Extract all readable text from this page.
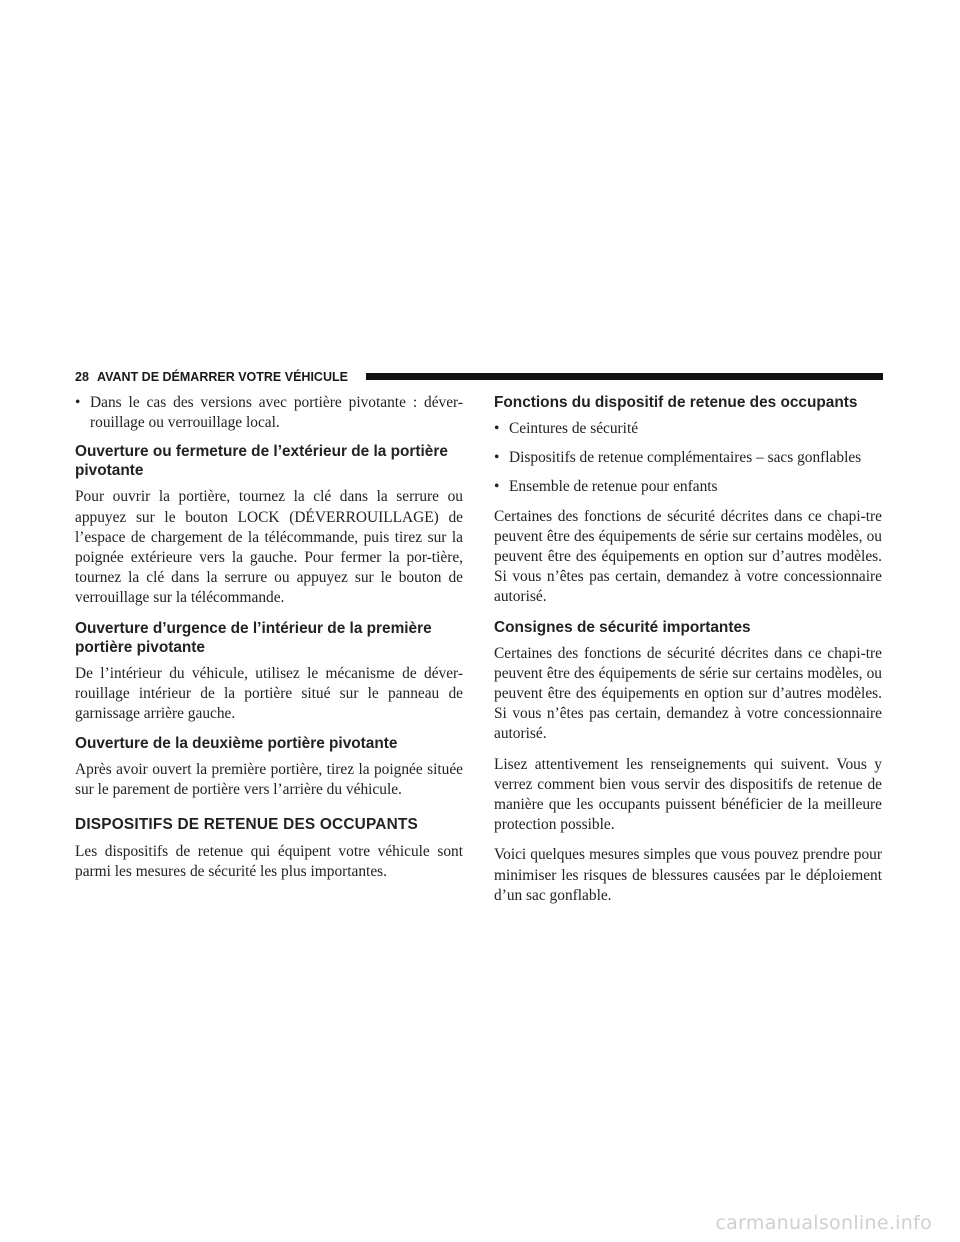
28 AVANT DE DÉMARRER VOTRE VÉHICULE
• Dans le cas des versions avec portière pivotante : déver-rouillage ou verrouillage local.
Ouverture ou fermeture de l’extérieur de la portière pivotante

Pour ouvrir la portière, tournez la clé dans la serrure ou appuyez sur le bouton LOCK (DÉVERROUILLAGE) de l’espace de chargement de la télécommande, puis tirez sur la poignée extérieure vers la gauche. Pour fermer la por-tière, tournez la clé dans la serrure ou appuyez sur le bouton de verrouillage sur la télécommande.

Ouverture d’urgence de l’intérieur de la première portière pivotante

De l’intérieur du véhicule, utilisez le mécanisme de déver-rouillage intérieur de la portière situé sur le panneau de garnissage arrière gauche.

Ouverture de la deuxième portière pivotante

Après avoir ouvert la première portière, tirez la poignée située sur le parement de portière vers l’arrière du véhicule.

DISPOSITIFS DE RETENUE DES OCCUPANTS

Les dispositifs de retenue qui équipent votre véhicule sont parmi les mesures de sécurité les plus importantes.

Fonctions du dispositif de retenue des occupants
• Ceintures de sécurité
• Dispositifs de retenue complémentaires – sacs gonflables
• Ensemble de retenue pour enfants

Certaines des fonctions de sécurité décrites dans ce chapi-tre peuvent être des équipements de série sur certains modèles, ou peuvent être des équipements en option sur d’autres modèles. Si vous n’êtes pas certain, demandez à votre concessionnaire autorisé.

Consignes de sécurité importantes

Certaines des fonctions de sécurité décrites dans ce chapi-tre peuvent être des équipements de série sur certains modèles, ou peuvent être des équipements en option sur d’autres modèles. Si vous n’êtes pas certain, demandez à votre concessionnaire autorisé.

Lisez attentivement les renseignements qui suivent. Vous y verrez comment bien vous servir des dispositifs de retenue de manière que les occupants puissent bénéficier de la meilleure protection possible.

Voici quelques mesures simples que vous pouvez prendre pour minimiser les risques de blessures causées par le déploiement d’un sac gonflable.

carmanualsonline.info
